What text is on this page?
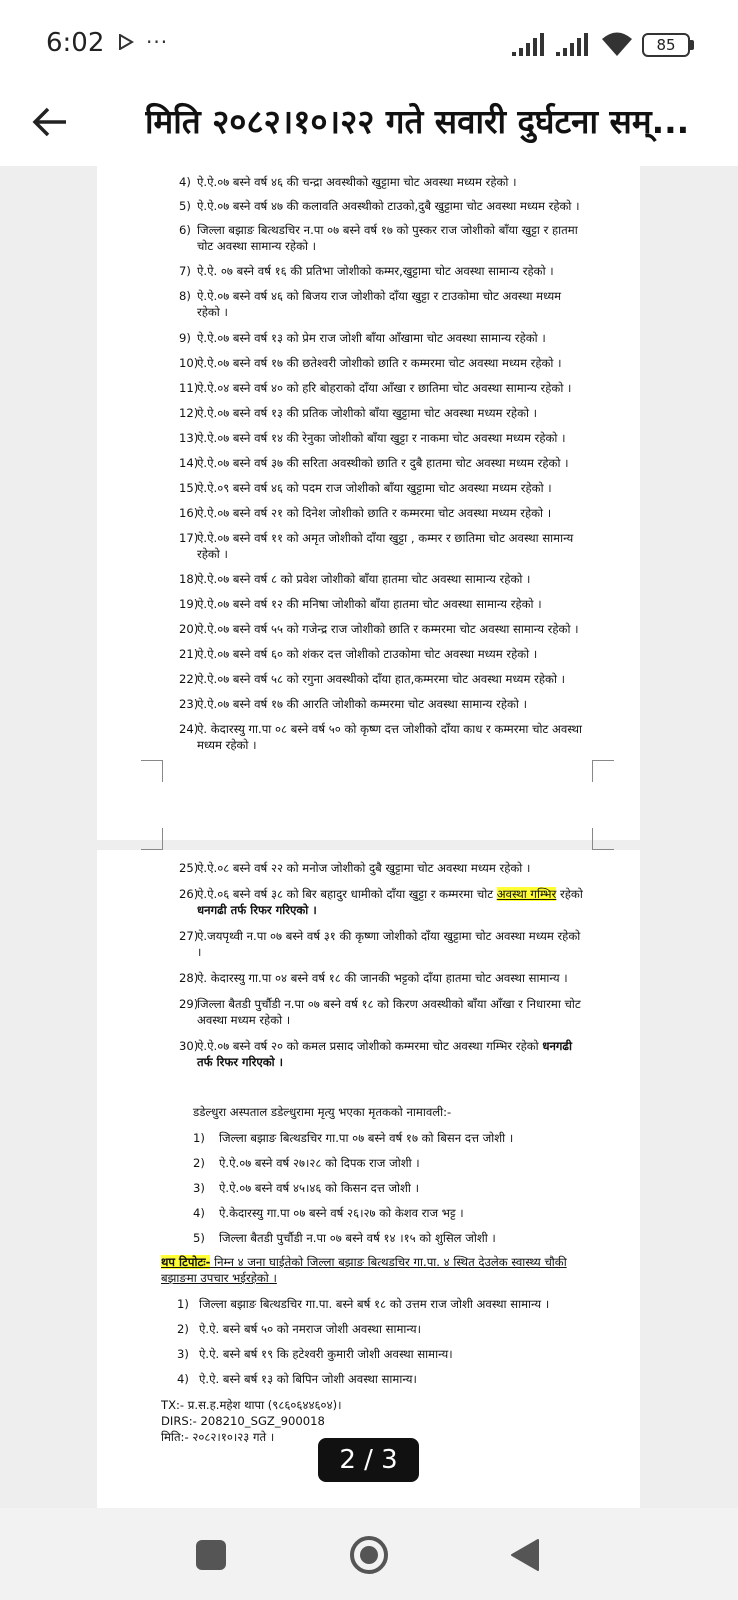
6:02 ···	85
मिति २०८२।१०।२२ गते सवारी दुर्घटना सम्...
4) ऐ.ऐ.०७ बस्ने वर्ष ४६ की चन्द्रा अवस्थीको खुट्टामा चोट अवस्था मध्यम रहेको ।
5) ऐ.ऐ.०७ बस्ने वर्ष ४७ की कलावति अवस्थीको टाउको,दुबै खुट्टामा चोट अवस्था मध्यम रहेको ।
6) जिल्ला बझाङ बित्थडचिर न.पा ०७ बस्ने वर्ष १७ को पुस्कर राज जोशीको बाँया खुट्टा र हातमा
चोट अवस्था सामान्य रहेको ।
7) ऐ.ऐ. ०७ बस्ने वर्ष १६ की प्रतिभा जोशीको कम्मर,खुट्टामा चोट अवस्था सामान्य रहेको ।
8) ऐ.ऐ.०७ बस्ने वर्ष ४६ को बिजय राज जोशीको दाँया खुट्टा र टाउकोमा चोट अवस्था मध्यम
रहेको ।
9) ऐ.ऐ.०७ बस्ने वर्ष १३ को प्रेम राज जोशी बाँया आँखामा चोट अवस्था सामान्य रहेको ।
10)
ऐ.ऐ.०७ बस्ने वर्ष १७ की छतेश्वरी जोशीको छाति र कम्मरमा चोट अवस्था मध्यम रहेको ।
11)
ऐ.ऐ.०४ बस्ने वर्ष ४० को हरि बोहराको दाँया आँखा र छातिमा चोट अवस्था सामान्य रहेको ।
12)
ऐ.ऐ.०७ बस्ने वर्ष १३ की प्रतिक जोशीको बाँया खुट्टामा चोट अवस्था मध्यम रहेको ।
13)
ऐ.ऐ.०७ बस्ने वर्ष १४ की रेनुका जोशीको बाँया खुट्टा र नाकमा चोट अवस्था मध्यम रहेको ।
14)
ऐ.ऐ.०७ बस्ने वर्ष ३७ की सरिता अवस्थीको छाति र दुबै हातमा चोट अवस्था मध्यम रहेको ।
15)
ऐ.ऐ.०९ बस्ने वर्ष ४६ को पदम राज जोशीको बाँया खुट्टामा चोट अवस्था मध्यम रहेको ।
16)
ऐ.ऐ.०७ बस्ने वर्ष २१ को दिनेश जोशीको छाति र कम्मरमा चोट अवस्था मध्यम रहेको ।
17)
ऐ.ऐ.०७ बस्ने वर्ष ११ को अमृत जोशीको दाँया खुट्टा , कम्मर र छातिमा चोट अवस्था सामान्य
रहेको ।
18)
ऐ.ऐ.०७ बस्ने वर्ष ८ को प्रवेश जोशीको बाँया हातमा चोट अवस्था सामान्य रहेको ।
19)
ऐ.ऐ.०७ बस्ने वर्ष १२ की मनिषा जोशीको बाँया हातमा चोट अवस्था सामान्य रहेको ।
20)
ऐ.ऐ.०७ बस्ने वर्ष ५५ को गजेन्द्र राज जोशीको छाति र कम्मरमा चोट अवस्था सामान्य रहेको ।
21)
ऐ.ऐ.०७ बस्ने वर्ष ६० को शंकर दत्त जोशीको टाउकोमा चोट अवस्था मध्यम रहेको ।
22)
ऐ.ऐ.०७ बस्ने वर्ष ५८ को रगुना अवस्थीको दाँया हात,कम्मरमा चोट अवस्था मध्यम रहेको ।
23)
ऐ.ऐ.०७ बस्ने वर्ष १७ की आरति जोशीको कम्मरमा चोट अवस्था सामान्य रहेको ।
24)
ऐ. केदारस्यु गा.पा ०८ बस्ने वर्ष ५० को कृष्ण दत्त जोशीको दाँया काध र कम्मरमा चोट अवस्था
मध्यम रहेको ।
25)
ऐ.ऐ.०८ बस्ने वर्ष २२ को मनोज जोशीको दुबै खुट्टामा चोट अवस्था मध्यम रहेको ।
26)
ऐ.ऐ.०६ बस्ने वर्ष ३८ को बिर बहादुर धामीको दाँया खुट्टा र कम्मरमा चोट अवस्था गम्भिर रहेको
धनगढी तर्फ रिफर गरिएको ।
27)
ऐ.जयपृथ्वी न.पा ०७ बस्ने वर्ष ३१ की कृष्णा जोशीको दाँया खुट्टामा चोट अवस्था मध्यम रहेको
।
28)
ऐ. केदारस्यु गा.पा ०४ बस्ने वर्ष १८ की जानकी भट्टको दाँया हातमा चोट अवस्था सामान्य ।
29)
जिल्ला बैतडी पुर्चौडी न.पा ०७ बस्ने वर्ष १८ को किरण अवस्थीको बाँया आँखा र निधारमा चोट
अवस्था मध्यम रहेको ।
30)
ऐ.ऐ.०७ बस्ने वर्ष २० को कमल प्रसाद जोशीको कम्मरमा चोट अवस्था गम्भिर रहेको धनगढी
तर्फ रिफर गरिएको ।
डडेल्धुरा अस्पताल डडेल्धुरामा मृत्यु भएका मृतकको नामावली:-
1) जिल्ला बझाङ बित्थडचिर गा.पा ०७ बस्ने वर्ष १७ को बिसन दत्त जोशी ।
2) ऐ.ऐ.०७ बस्ने वर्ष २७।२८ को दिपक राज जोशी ।
3) ऐ.ऐ.०७ बस्ने वर्ष ४५।४६ को किसन दत्त जोशी ।
4) ऐ.केदारस्यु गा.पा ०७ बस्ने वर्ष २६।२७ को केशव राज भट्ट ।
5) जिल्ला बैतडी पुर्चौडी न.पा ०७ बस्ने वर्ष १४ ।१५ को शुसिल जोशी ।
थप टिपोटः- निम्न ४ जना घाईतेको जिल्ला बझाङ बित्थडचिर गा.पा. ४ स्थित देउलेक स्वास्थ्य चौकी
बझाङमा उपचार भईरहेको ।
1) जिल्ला बझाङ बित्थडचिर गा.पा. बस्ने बर्ष १८ को उत्तम राज जोशी अवस्था सामान्य ।
2) ऐ.ऐ. बस्ने बर्ष ५० को नमराज जोशी अवस्था सामान्य।
3) ऐ.ऐ. बस्ने बर्ष १९ कि हटेश्वरी कुमारी जोशी अवस्था सामान्य।
4) ऐ.ऐ. बस्ने बर्ष १३ को बिपिन जोशी अवस्था सामान्य।
TX:- प्र.स.ह.महेश थापा (९८६०६४४६०४)।
DIRS:- 208210_SGZ_900018
मिति:- २०८२।१०।२३ गते ।
2 / 3
